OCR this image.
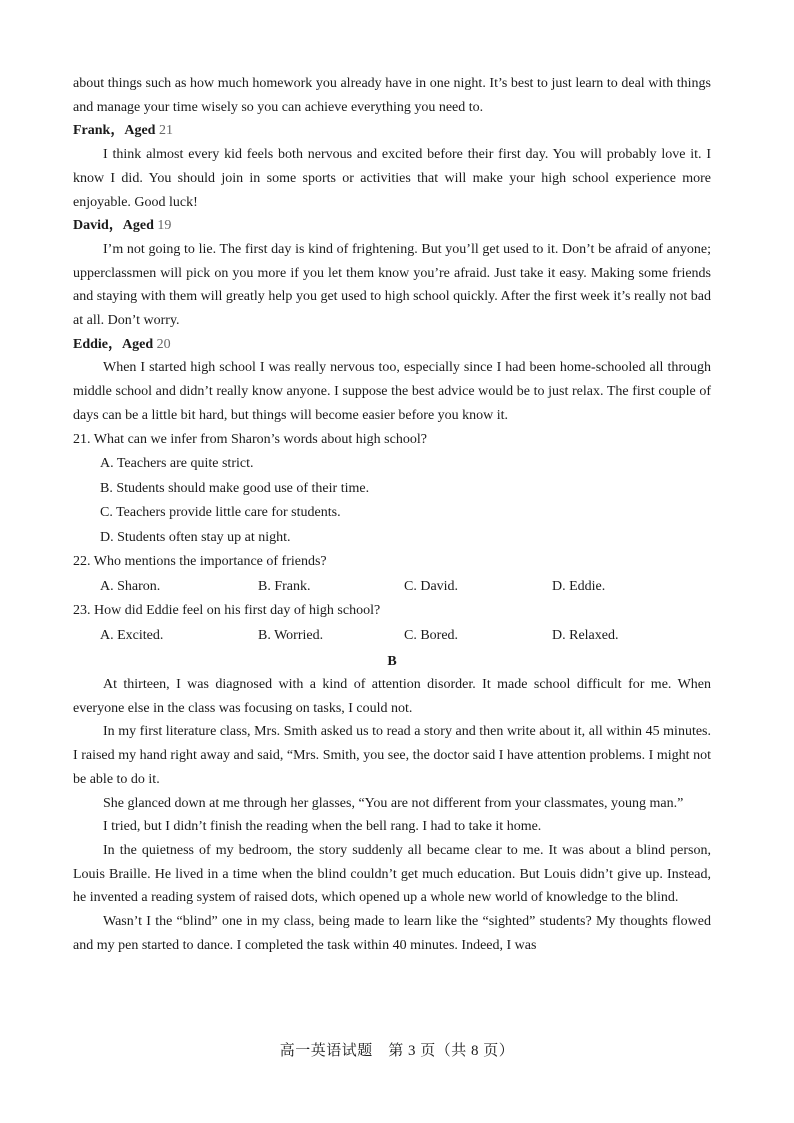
about things such as how much homework you already have in one night. It’s best to just learn to deal with things and manage your time wisely so you can achieve everything you need to.

Frank，Aged 21

I think almost every kid feels both nervous and excited before their first day. You will probably love it. I know I did. You should join in some sports or activities that will make your high school experience more enjoyable. Good luck!

David，Aged 19

I’m not going to lie. The first day is kind of frightening. But you’ll get used to it. Don’t be afraid of anyone; upperclassmen will pick on you more if you let them know you’re afraid. Just take it easy. Making some friends and staying with them will greatly help you get used to high school quickly. After the first week it’s really not bad at all. Don’t worry.

Eddie，Aged 20

When I started high school I was really nervous too, especially since I had been home-schooled all through middle school and didn’t really know anyone. I suppose the best advice would be to just relax. The first couple of days can be a little bit hard, but things will become easier before you know it.

21. What can we infer from Sharon’s words about high school?

A. Teachers are quite strict.

B. Students should make good use of their time.

C. Teachers provide little care for students.

D. Students often stay up at night.

22. Who mentions the importance of friends?

A. Sharon.	B. Frank.	C. David.	D. Eddie.

23. How did Eddie feel on his first day of high school?

A. Excited.	B. Worried.	C. Bored.	D. Relaxed.

B

At thirteen, I was diagnosed with a kind of attention disorder. It made school difficult for me. When everyone else in the class was focusing on tasks, I could not.

In my first literature class, Mrs. Smith asked us to read a story and then write about it, all within 45 minutes. I raised my hand right away and said, “Mrs. Smith, you see, the doctor said I have attention problems. I might not be able to do it.

She glanced down at me through her glasses, “You are not different from your classmates, young man.”

I tried, but I didn’t finish the reading when the bell rang. I had to take it home.

In the quietness of my bedroom, the story suddenly all became clear to me. It was about a blind person, Louis Braille. He lived in a time when the blind couldn’t get much education. But Louis didn’t give up. Instead, he invented a reading system of raised dots, which opened up a whole new world of knowledge to the blind.

Wasn’t I the “blind” one in my class, being made to learn like the “sighted” students? My thoughts flowed and my pen started to dance. I completed the task within 40 minutes. Indeed, I was

高一英语试题　第 3 页（共 8 页）
